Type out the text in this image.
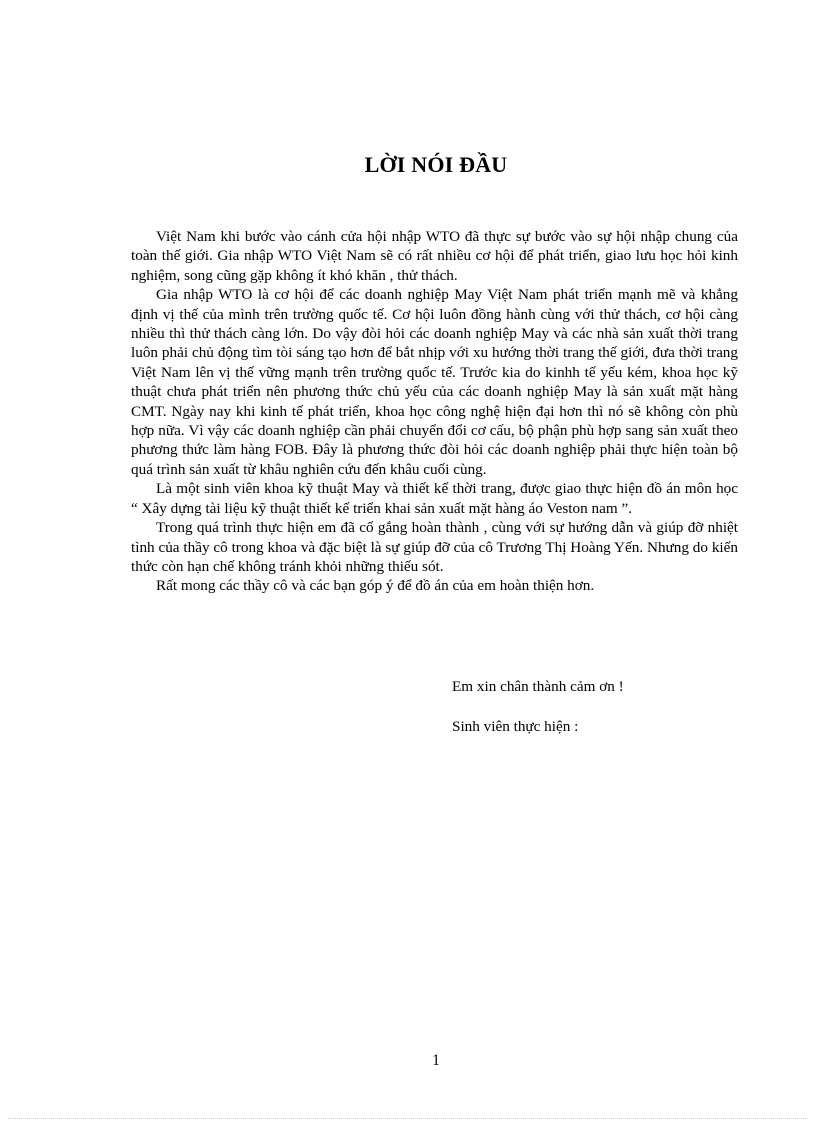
LỜI NÓI ĐẦU

Việt Nam khi bước vào cánh cửa hội nhập WTO đã thực sự bước vào sự hội nhập chung của toàn thế giới. Gia nhập WTO Việt Nam sẽ có rất nhiều cơ hội để phát triển, giao lưu học hỏi kinh nghiệm, song cũng gặp không ít khó khăn , thử thách.

Gia nhập WTO là cơ hội để các doanh nghiệp May Việt Nam phát triển mạnh mẽ và khẳng định vị thế của mình trên trường quốc tế. Cơ hội luôn đồng hành cùng với thử thách, cơ hội càng nhiều thì thử thách càng lớn. Do vậy đòi hỏi các doanh nghiệp May và các nhà sản xuất thời trang luôn phải chủ động tìm tòi sáng tạo hơn để bắt nhịp với xu hướng thời trang thế giới, đưa thời trang Việt Nam lên vị thế vững mạnh trên trường quốc tế. Trước kia do kinhh tế yếu kém, khoa học kỹ thuật chưa phát triển nên phương thức chủ yếu của các doanh nghiệp May là sản xuất mặt hàng CMT. Ngày nay khi kinh tế phát triển, khoa học công nghệ hiện đại hơn thì nó sẽ không còn phù hợp nữa. Vì vậy các doanh nghiệp cần phải chuyển đổi cơ cấu, bộ phận phù hợp sang sản xuất theo phương thức làm hàng FOB. Đây là phương thức đòi hỏi các doanh nghiệp phải thực hiện toàn bộ quá trình sản xuất từ khâu nghiên cứu đến khâu cuối cùng.

Là một sinh viên khoa kỹ thuật May và thiết kế thời trang, được giao thực hiện đồ án môn học “ Xây dựng tài liệu kỹ thuật thiết kế triển khai sản xuất mặt hàng áo Veston nam ”.

Trong quá trình thực hiện em đã cố gắng hoàn thành , cùng với sự hướng dẫn và giúp đỡ nhiệt tình của thầy cô trong khoa và đặc biệt là sự giúp đỡ của cô Trương Thị Hoàng Yến. Nhưng do kiến thức còn hạn chế không tránh khỏi những thiếu sót.

Rất mong các thầy cô và các bạn góp ý để đồ án của em hoàn thiện hơn.

Em xin chân thành cảm ơn !

Sinh viên thực hiện :

1
